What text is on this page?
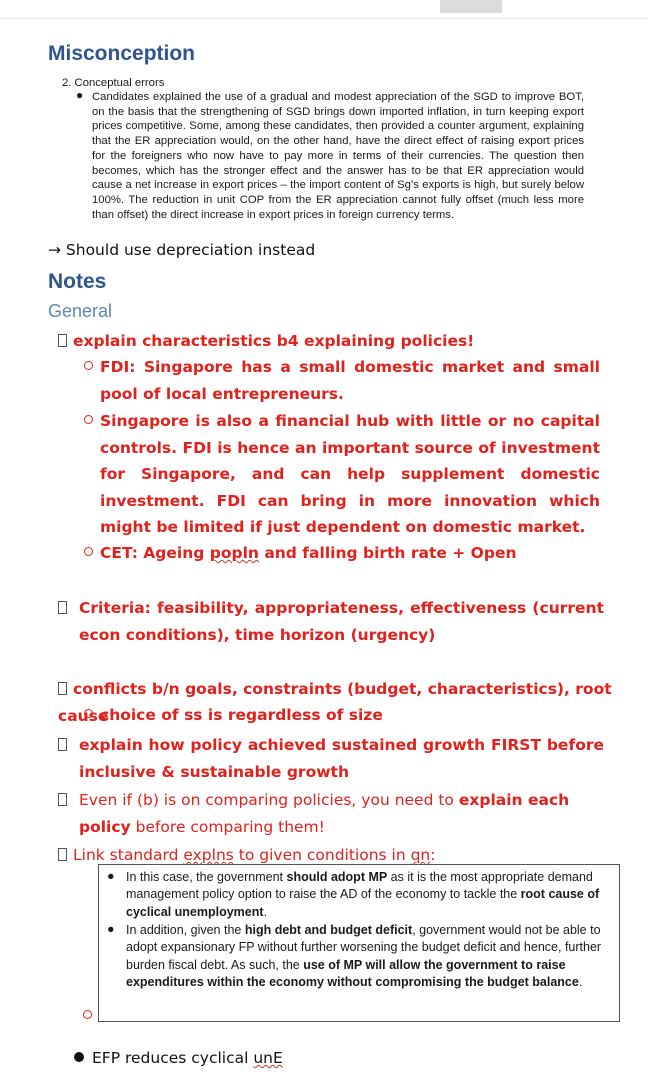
Misconception
2. Conceptual errors
● Candidates explained the use of a gradual and modest appreciation of the SGD to improve BOT, on the basis that the strengthening of SGD brings down imported inflation, in turn keeping export prices competitive. Some, among these candidates, then provided a counter argument, explaining that the ER appreciation would, on the other hand, have the direct effect of raising export prices for the foreigners who now have to pay more in terms of their currencies. The question then becomes, which has the stronger effect and the answer has to be that ER appreciation would cause a net increase in export prices – the import content of Sg’s exports is high, but surely below 100%. The reduction in unit COP from the ER appreciation cannot fully offset (much less more than offset) the direct increase in export prices in foreign currency terms.
→ Should use depreciation instead
Notes
General
explain characteristics b4 explaining policies!
FDI: Singapore has a small domestic market and small pool of local entrepreneurs.
Singapore is also a financial hub with little or no capital controls. FDI is hence an important source of investment for Singapore, and can help supplement domestic investment. FDI can bring in more innovation which might be limited if just dependent on domestic market.
CET: Ageing popln and falling birth rate + Open
Criteria: feasibility, appropriateness, effectiveness (current econ conditions), time horizon (urgency)
conflicts b/n goals, constraints (budget, characteristics), root cause
choice of ss is regardless of size
explain how policy achieved sustained growth FIRST before inclusive & sustainable growth
Even if (b) is on comparing policies, you need to explain each policy before comparing them!
Link standard explns to given conditions in qn:
● In this case, the government should adopt MP as it is the most appropriate demand management policy option to raise the AD of the economy to tackle the root cause of cyclical unemployment.
● In addition, given the high debt and budget deficit, government would not be able to adopt expansionary FP without further worsening the budget deficit and hence, further burden fiscal debt. As such, the use of MP will allow the government to raise expenditures within the economy without compromising the budget balance.
EFP reduces cyclical unE
